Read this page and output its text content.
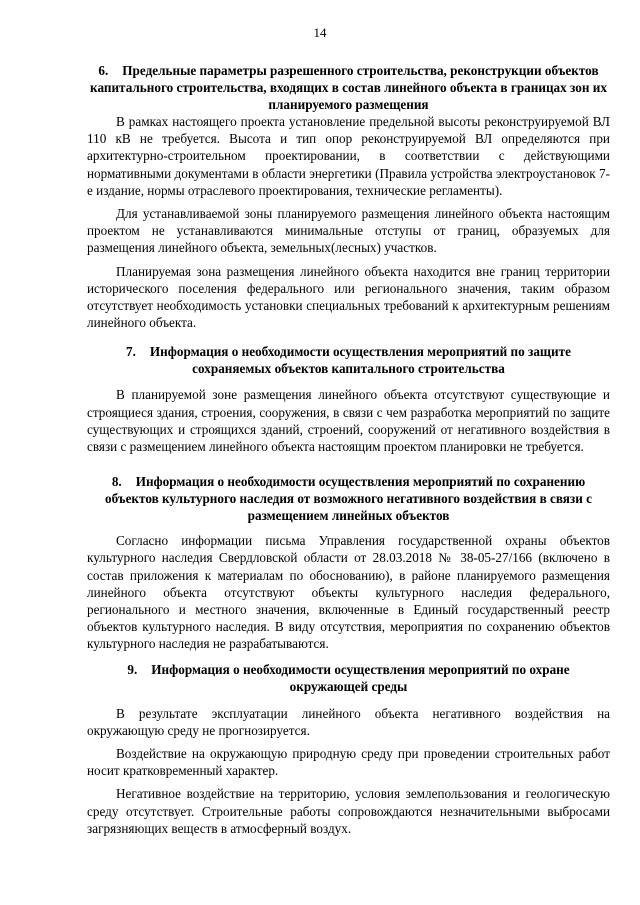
14

6. Предельные параметры разрешенного строительства, реконструкции объектов капитального строительства, входящих в состав линейного объекта в границах зон их планируемого размещения

В рамках настоящего проекта установление предельной высоты реконструируемой ВЛ 110 кВ не требуется. Высота и тип опор реконструируемой ВЛ определяются при архитектурно-строительном проектировании, в соответствии с действующими нормативными документами в области энергетики (Правила устройства электроустановок 7-е издание, нормы отраслевого проектирования, технические регламенты).

Для устанавливаемой зоны планируемого размещения линейного объекта настоящим проектом не устанавливаются минимальные отступы от границ, образуемых для размещения линейного объекта, земельных(лесных) участков.

Планируемая зона размещения линейного объекта находится вне границ территории исторического поселения федерального или регионального значения, таким образом отсутствует необходимость установки специальных требований к архитектурным решениям линейного объекта.

7. Информация о необходимости осуществления мероприятий по защите сохраняемых объектов капитального строительства

В планируемой зоне размещения линейного объекта отсутствуют существующие и строящиеся здания, строения, сооружения, в связи с чем разработка мероприятий по защите существующих и строящихся зданий, строений, сооружений от негативного воздействия в связи с размещением линейного объекта настоящим проектом планировки не требуется.

8. Информация о необходимости осуществления мероприятий по сохранению объектов культурного наследия от возможного негативного воздействия в связи с размещением линейных объектов

Согласно информации письма Управления государственной охраны объектов культурного наследия Свердловской области от 28.03.2018 № 38-05-27/166 (включено в состав приложения к материалам по обоснованию), в районе планируемого размещения линейного объекта отсутствуют объекты культурного наследия федерального, регионального и местного значения, включенные в Единый государственный реестр объектов культурного наследия. В виду отсутствия, мероприятия по сохранению объектов культурного наследия не разрабатываются.

9. Информация о необходимости осуществления мероприятий по охране окружающей среды

В результате эксплуатации линейного объекта негативного воздействия на окружающую среду не прогнозируется.

Воздействие на окружающую природную среду при проведении строительных работ носит кратковременный характер.

Негативное воздействие на территорию, условия землепользования и геологическую среду отсутствует. Строительные работы сопровождаются незначительными выбросами загрязняющих веществ в атмосферный воздух.
